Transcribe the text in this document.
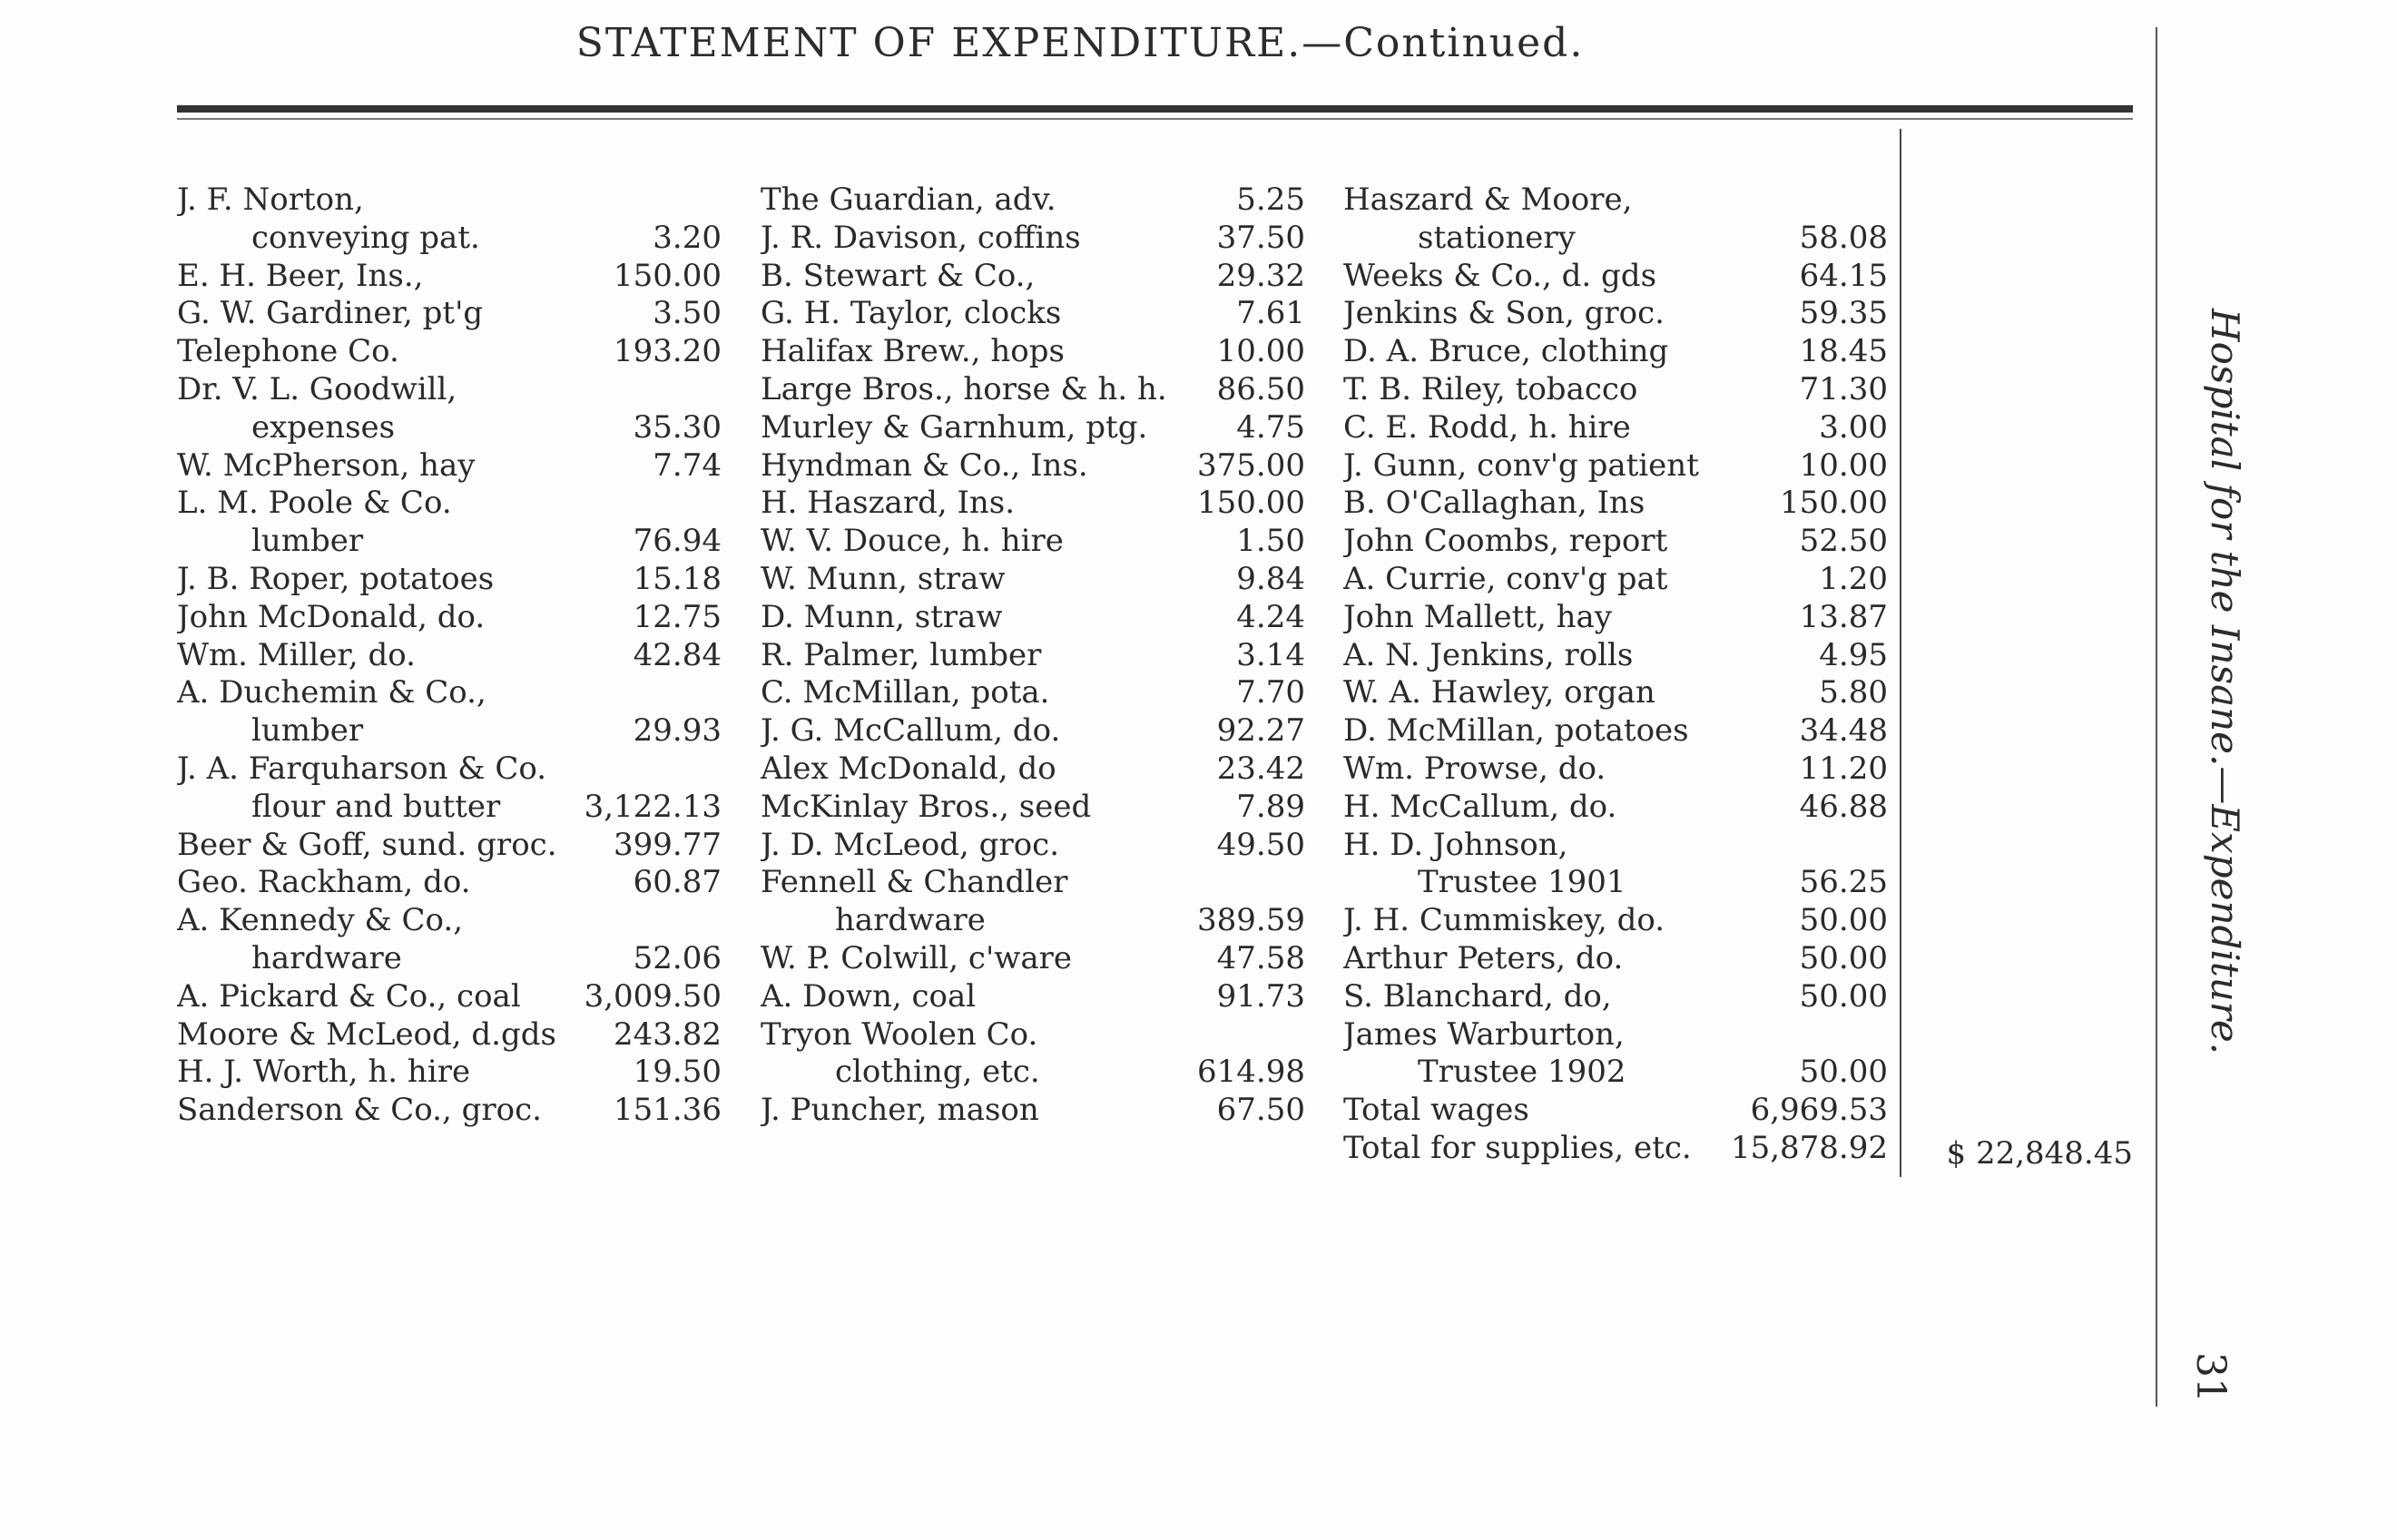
STATEMENT OF EXPENDITURE.—Continued.
J. F. Norton,
conveying pat.	3.20
E. H. Beer, Ins.,	150.00
G. W. Gardiner, pt'g	3.50
Telephone Co.	193.20
Dr. V. L. Goodwill,
expenses	35.30
W. McPherson, hay	7.74
L. M. Poole & Co.
lumber	76.94
J. B. Roper, potatoes	15.18
John McDonald, do.	12.75
Wm. Miller, do.	42.84
A. Duchemin & Co.,
lumber	29.93
J. A. Farquharson & Co.
flour and butter	3,122.13
Beer & Goff, sund. groc.	399.77
Geo. Rackham, do.	60.87
A. Kennedy & Co.,
hardware	52.06
A. Pickard & Co., coal	3,009.50
Moore & McLeod, d.gds	243.82
H. J. Worth, h. hire	19.50
Sanderson & Co., groc.	151.36
The Guardian, adv.	5.25
J. R. Davison, coffins	37.50
B. Stewart & Co.,	29.32
G. H. Taylor, clocks	7.61
Halifax Brew., hops	10.00
Large Bros., horse & h. h.	86.50
Murley & Garnhum, ptg.	4.75
Hyndman & Co., Ins.	375.00
H. Haszard, Ins.	150.00
W. V. Douce, h. hire	1.50
W. Munn, straw	9.84
D. Munn, straw	4.24
R. Palmer, lumber	3.14
C. McMillan, pota.	7.70
J. G. McCallum, do.	92.27
Alex McDonald, do	23.42
McKinlay Bros., seed	7.89
J. D. McLeod, groc.	49.50
Fennell & Chandler
hardware	389.59
W. P. Colwill, c'ware	47.58
A. Down, coal	91.73
Tryon Woolen Co.
clothing, etc.	614.98
J. Puncher, mason	67.50
Haszard & Moore,
stationery	58.08
Weeks & Co., d. gds	64.15
Jenkins & Son, groc.	59.35
D. A. Bruce, clothing	18.45
T. B. Riley, tobacco	71.30
C. E. Rodd, h. hire	3.00
J. Gunn, conv'g patient	10.00
B. O'Callaghan, Ins	150.00
John Coombs, report	52.50
A. Currie, conv'g pat	1.20
John Mallett, hay	13.87
A. N. Jenkins, rolls	4.95
W. A. Hawley, organ	5.80
D. McMillan, potatoes	34.48
Wm. Prowse, do.	11.20
H. McCallum, do.	46.88
H. D. Johnson,
Trustee 1901	56.25
J. H. Cummiskey, do.	50.00
Arthur Peters, do.	50.00
S. Blanchard, do,	50.00
James Warburton,
Trustee 1902	50.00
Total wages	6,969.53
Total for supplies, etc.	15,878.92 $ 22,848.45
Hospital for the Insane.—Expenditure.
31
